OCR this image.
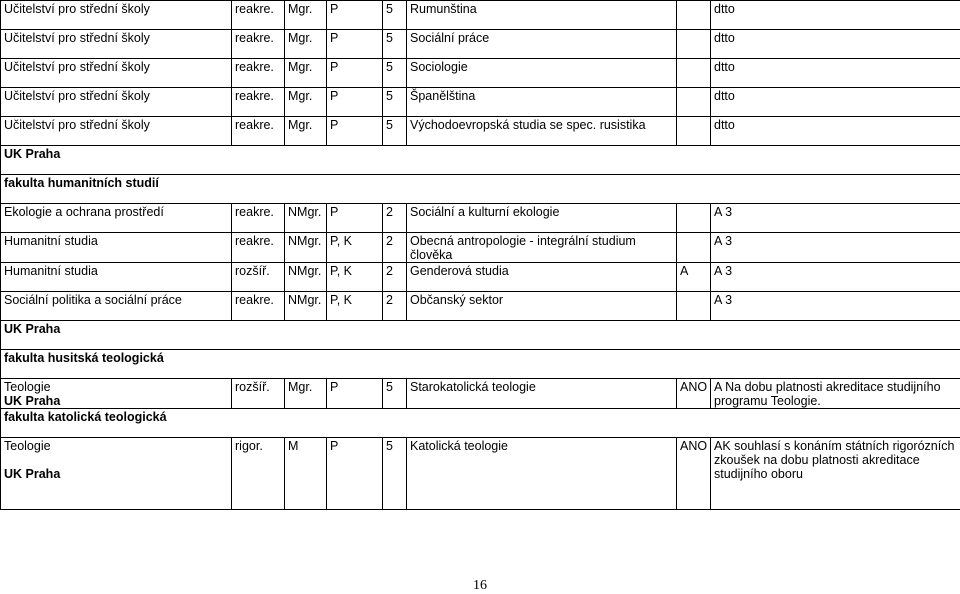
Učitelství pro střední školy	reakre.	Mgr.	P	5	Rumunština		dtto
Učitelství pro střední školy	reakre.	Mgr.	P	5	Sociální práce		dtto
Učitelství pro střední školy	reakre.	Mgr.	P	5	Sociologie		dtto
Učitelství pro střední školy	reakre.	Mgr.	P	5	Španělština		dtto
Učitelství pro střední školy	reakre.	Mgr.	P	5	Východoevropská studia se spec. rusistika		dtto
UK Praha							
fakulta humanitních studií							
Ekologie a ochrana prostředí	reakre.	NMgr.	P	2	Sociální a kulturní ekologie		A 3
Humanitní studia	reakre.	NMgr.	P, K	2	Obecná antropologie - integrální studium člověka		A 3
Humanitní studia	rozšíř.	NMgr.	P, K	2	Genderová studia	A	A 3
Sociální politika a sociální práce	reakre.	NMgr.	P, K	2	Občanský sektor		A 3
UK Praha							
fakulta husitská teologická							
Teologie
UK Praha	rozšíř.	Mgr.	P	5	Starokatolická teologie	ANO	A Na dobu platnosti akreditace studijního programu Teologie.
fakulta katolická teologická							
Teologie

UK Praha	rigor.	M	P	5	Katolická teologie	ANO	AK souhlasí s konáním státních rigorózních zkoušek na dobu platnosti akreditace studijního oboru
16
